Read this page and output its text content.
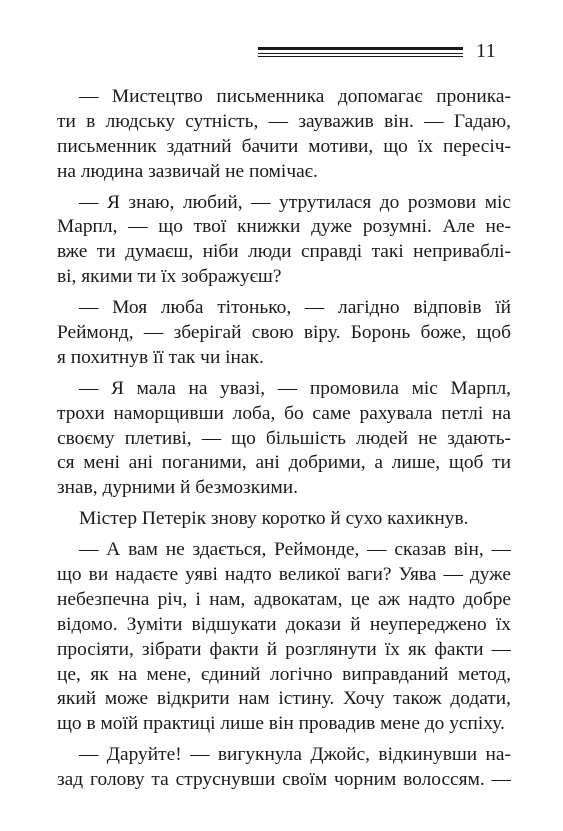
11
— Мистецтво письменника допомагає проника-
ти в людську сутність, — зауважив він. — Гадаю,
письменник здатний бачити мотиви, що їх пересіч-
на людина зазвичай не помічає.
— Я знаю, любий, — утрутилася до розмови міс
Марпл, — що твої книжки дуже розумні. Але не-
вже ти думаєш, ніби люди справді такі неприваблі-
ві, якими ти їх зображуєш?
— Моя люба тітонько, — лагідно відповів їй
Реймонд, — зберігай свою віру. Боронь боже, щоб
я похитнув її так чи інак.
— Я мала на увазі, — промовила міс Марпл,
трохи наморщивши лоба, бо саме рахувала петлі на
своєму плетиві, — що більшість людей не здають-
ся мені ані поганими, ані добрими, а лише, щоб ти
знав, дурними й безмозкими.
Містер Петерік знову коротко й сухо кахикнув.
— А вам не здається, Реймонде, — сказав він, —
що ви надаєте уяві надто великої ваги? Уява — дуже
небезпечна річ, і нам, адвокатам, це аж надто добре
відомо. Зуміти відшукати докази й неупереджено їх
просіяти, зібрати факти й розглянути їх як факти —
це, як на мене, єдиний логічно виправданий метод,
який може відкрити нам істину. Хочу також додати,
що в моїй практиці лише він провадив мене до успіху.
— Даруйте! — вигукнула Джойс, відкинувши на-
зад голову та струснувши своїм чорним волоссям. —
